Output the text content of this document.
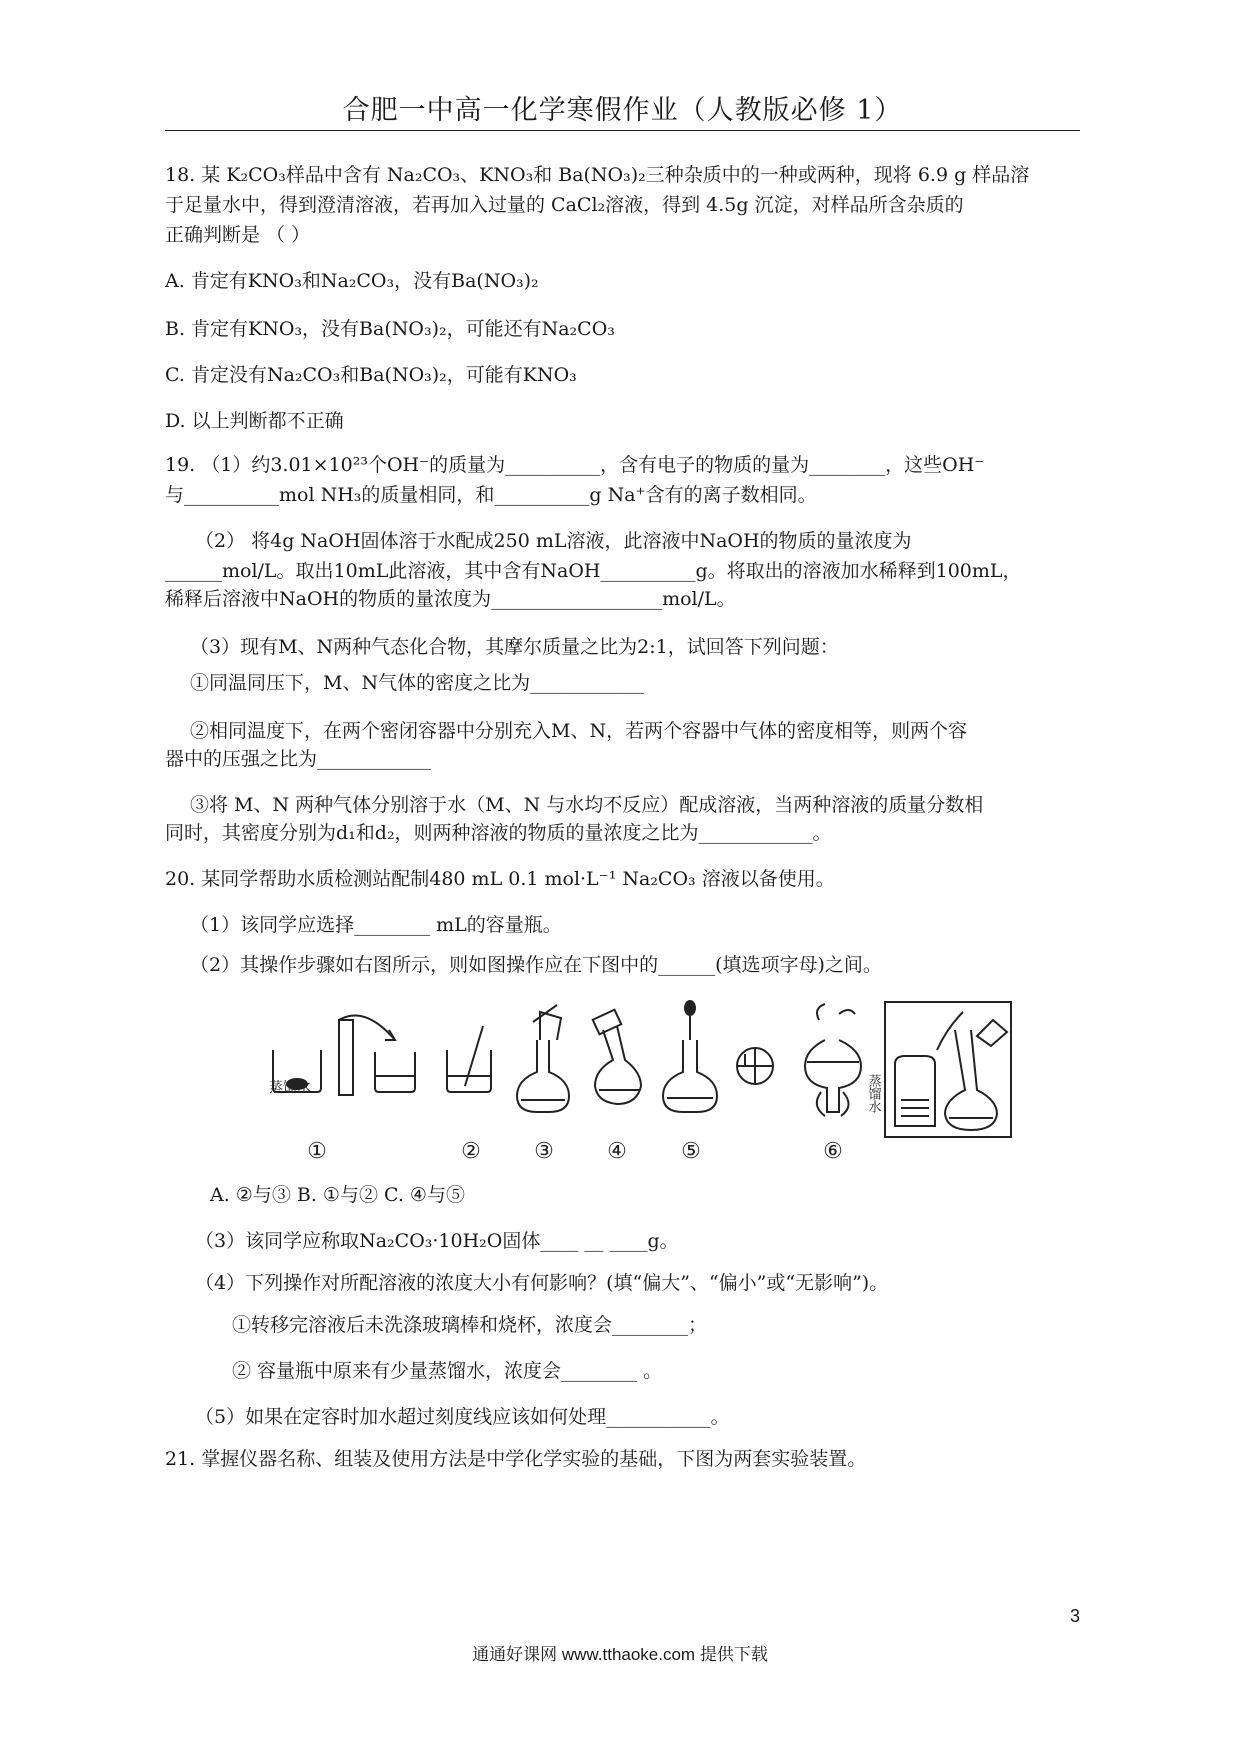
合肥一中高一化学寒假作业（人教版必修 1）
18. 某 K₂CO₃样品中含有 Na₂CO₃、KNO₃和 Ba(NO₃)₂三种杂质中的一种或两种，现将 6.9 g 样品溶
于足量水中，得到澄清溶液，若再加入过量的 CaCl₂溶液，得到 4.5g 沉淀，对样品所含杂质的
正确判断是 （ ）
A. 肯定有KNO₃和Na₂CO₃，没有Ba(NO₃)₂
B. 肯定有KNO₃，没有Ba(NO₃)₂，可能还有Na₂CO₃
C. 肯定没有Na₂CO₃和Ba(NO₃)₂，可能有KNO₃
D. 以上判断都不正确
19. （1）约3.01×10²³个OH⁻的质量为__________，含有电子的物质的量为________，这些OH⁻
与__________mol NH₃的质量相同，和__________g Na⁺含有的离子数相同。
（2） 将4g NaOH固体溶于水配成250 mL溶液，此溶液中NaOH的物质的量浓度为
______mol/L。取出10mL此溶液，其中含有NaOH__________g。将取出的溶液加水稀释到100mL，
稀释后溶液中NaOH的物质的量浓度为__________________mol/L。
（3）现有M、N两种气态化合物，其摩尔质量之比为2:1，试回答下列问题：
①同温同压下，M、N气体的密度之比为____________
②相同温度下，在两个密闭容器中分别充入M、N，若两个容器中气体的密度相等，则两个容
器中的压强之比为____________
③将 M、N 两种气体分别溶于水（M、N 与水均不反应）配成溶液，当两种溶液的质量分数相
同时，其密度分别为d₁和d₂，则两种溶液的物质的量浓度之比为____________。
20. 某同学帮助水质检测站配制480 mL 0.1 mol·L⁻¹ Na₂CO₃ 溶液以备使用。
（1）该同学应选择________ mL的容量瓶。
（2）其操作步骤如右图所示，则如图操作应在下图中的______(填选项字母)之间。
蒸馏水
①	② ③ ④ ⑤	⑥
蒸馏水
A. ②与③ B. ①与② C. ④与⑤
（3）该同学应称取Na₂CO₃·10H₂O固体____ __ ____g。
（4）下列操作对所配溶液的浓度大小有何影响？(填“偏大”、“偏小”或“无影响”)。
①转移完溶液后未洗涤玻璃棒和烧杯，浓度会________；
② 容量瓶中原来有少量蒸馏水，浓度会________ 。
（5）如果在定容时加水超过刻度线应该如何处理___________。
21. 掌握仪器名称、组装及使用方法是中学化学实验的基础，下图为两套实验装置。
3
通通好课网 www.tthaoke.com 提供下载
